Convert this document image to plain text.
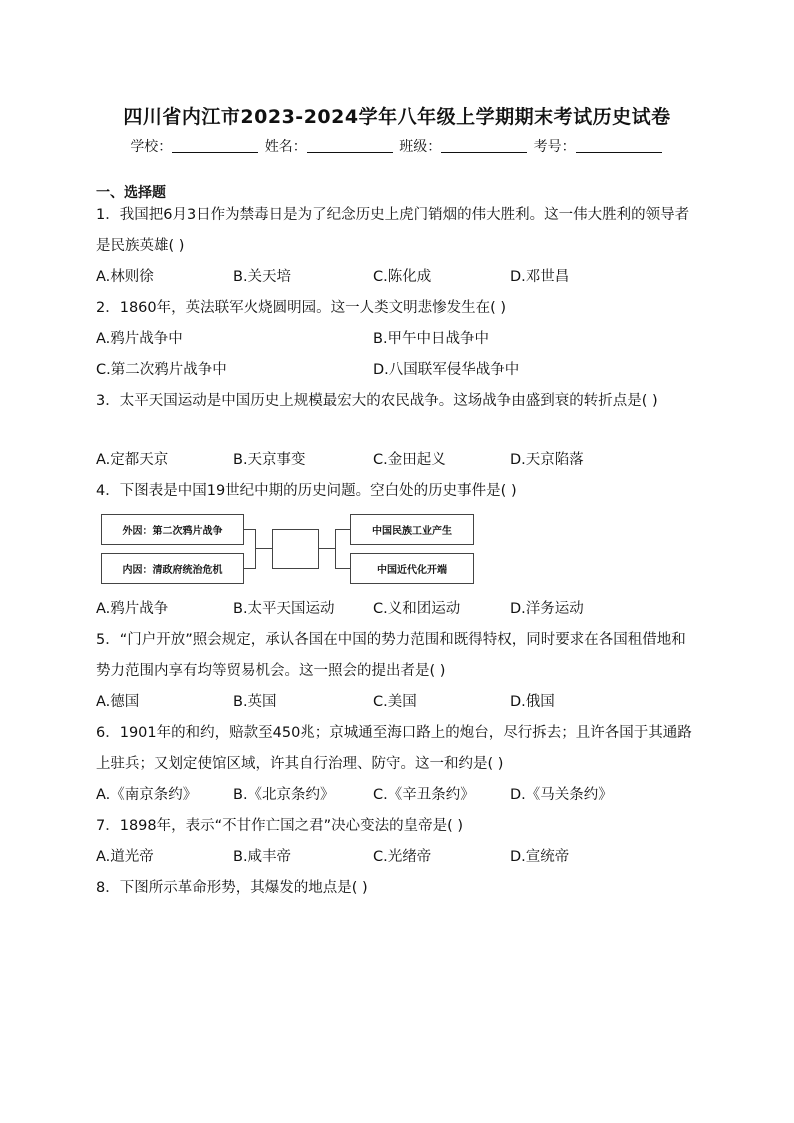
四川省内江市2023-2024学年八年级上学期期末考试历史试卷
学校：	姓名：	班级：	考号：
一、选择题
1．我国把6月3日作为禁毒日是为了纪念历史上虎门销烟的伟大胜利。这一伟大胜利的领导者是民族英雄( )
A.林则徐	B.关天培	C.陈化成	D.邓世昌
2．1860年，英法联军火烧圆明园。这一人类文明悲惨发生在( )
A.鸦片战争中	B.甲午中日战争中
C.第二次鸦片战争中	D.八国联军侵华战争中
3．太平天国运动是中国历史上规模最宏大的农民战争。这场战争由盛到衰的转折点是( )
A.定都天京	B.天京事变	C.金田起义	D.天京陷落
4．下图表是中国19世纪中期的历史问题。空白处的历史事件是( )
外因：第二次鸦片战争
内因：清政府统治危机
中国民族工业产生
中国近代化开端
A.鸦片战争	B.太平天国运动	C.义和团运动	D.洋务运动
5．“门户开放”照会规定，承认各国在中国的势力范围和既得特权，同时要求在各国租借地和势力范围内享有均等贸易机会。这一照会的提出者是( )
A.德国	B.英国	C.美国	D.俄国
6．1901年的和约，赔款至450兆；京城通至海口路上的炮台，尽行拆去；且许各国于其通路上驻兵；又划定使馆区域，许其自行治理、防守。这一和约是( )
A.《南京条约》 B.《北京条约》	C.《辛丑条约》 D.《马关条约》
7．1898年，表示“不甘作亡国之君”决心变法的皇帝是( )
A.道光帝	B.咸丰帝	C.光绪帝	D.宣统帝
8．下图所示革命形势，其爆发的地点是( )
